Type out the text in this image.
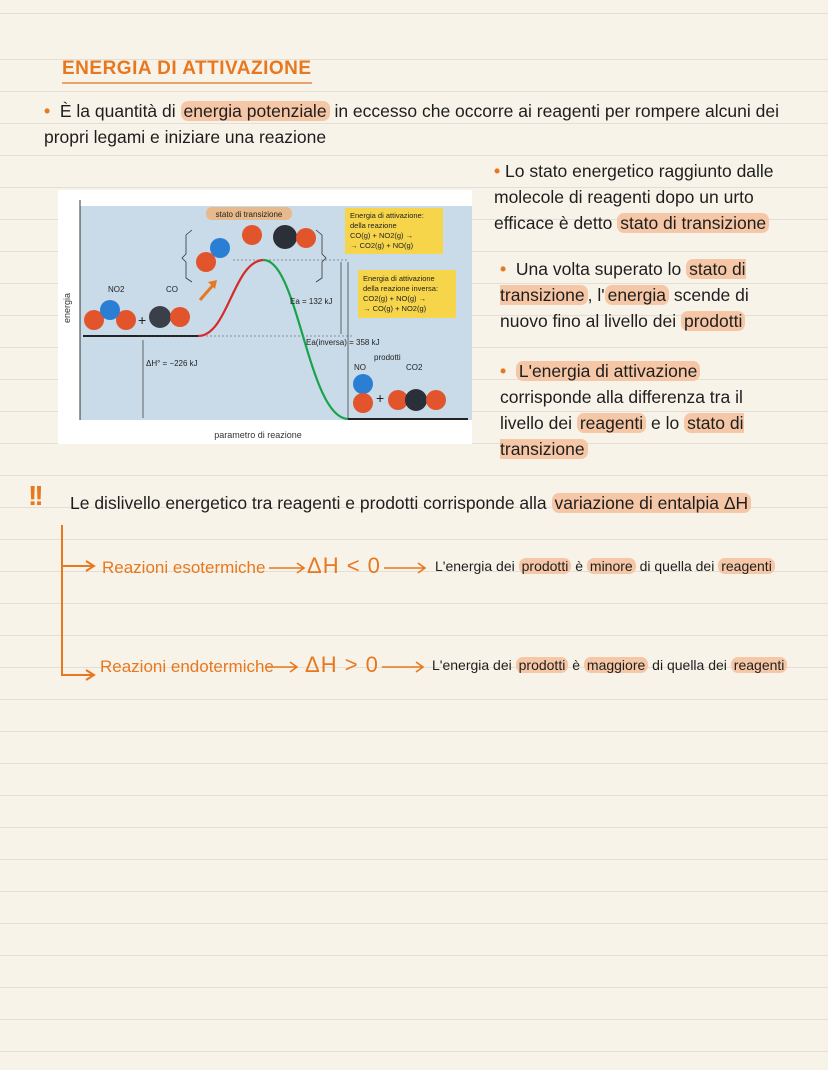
ENERGIA DI ATTIVAZIONE
• È la quantità di energia potenziale in eccesso che occorre ai reagenti per rompere alcuni dei propri legami e iniziare una reazione
• Lo stato energetico raggiunto dalle molecole di reagenti dopo un urto efficace è detto stato di transizione
• Una volta superato lo stato di transizione , l' energia scende di nuovo fino al livello dei prodotti
• L'energia di attivazione corrisponde alla differenza tra il livello dei reagenti e lo stato di transizione
energia
parametro di reazione
ΔH° = −226 kJ
Ea = 132 kJ
Ea(inversa) = 358 kJ
stato di transizione	Energia di attivazione:
della reazione
CO(g) + NO2(g) →
→ CO2(g) + NO(g)
Energia di attivazione
della reazione inversa:
CO2(g) + NO(g) →
→ CO(g) + NO2(g)
NO2	CO
+
prodotti
NO	CO2
+
!! Le dislivello energetico tra reagenti e prodotti corrisponde alla variazione di entalpia ΔH
Reazioni esotermiche ΔH < 0	L'energia dei prodotti è minore di quella dei reagenti
Reazioni endotermiche ΔH > 0	L'energia dei prodotti è maggiore di quella dei reagenti
